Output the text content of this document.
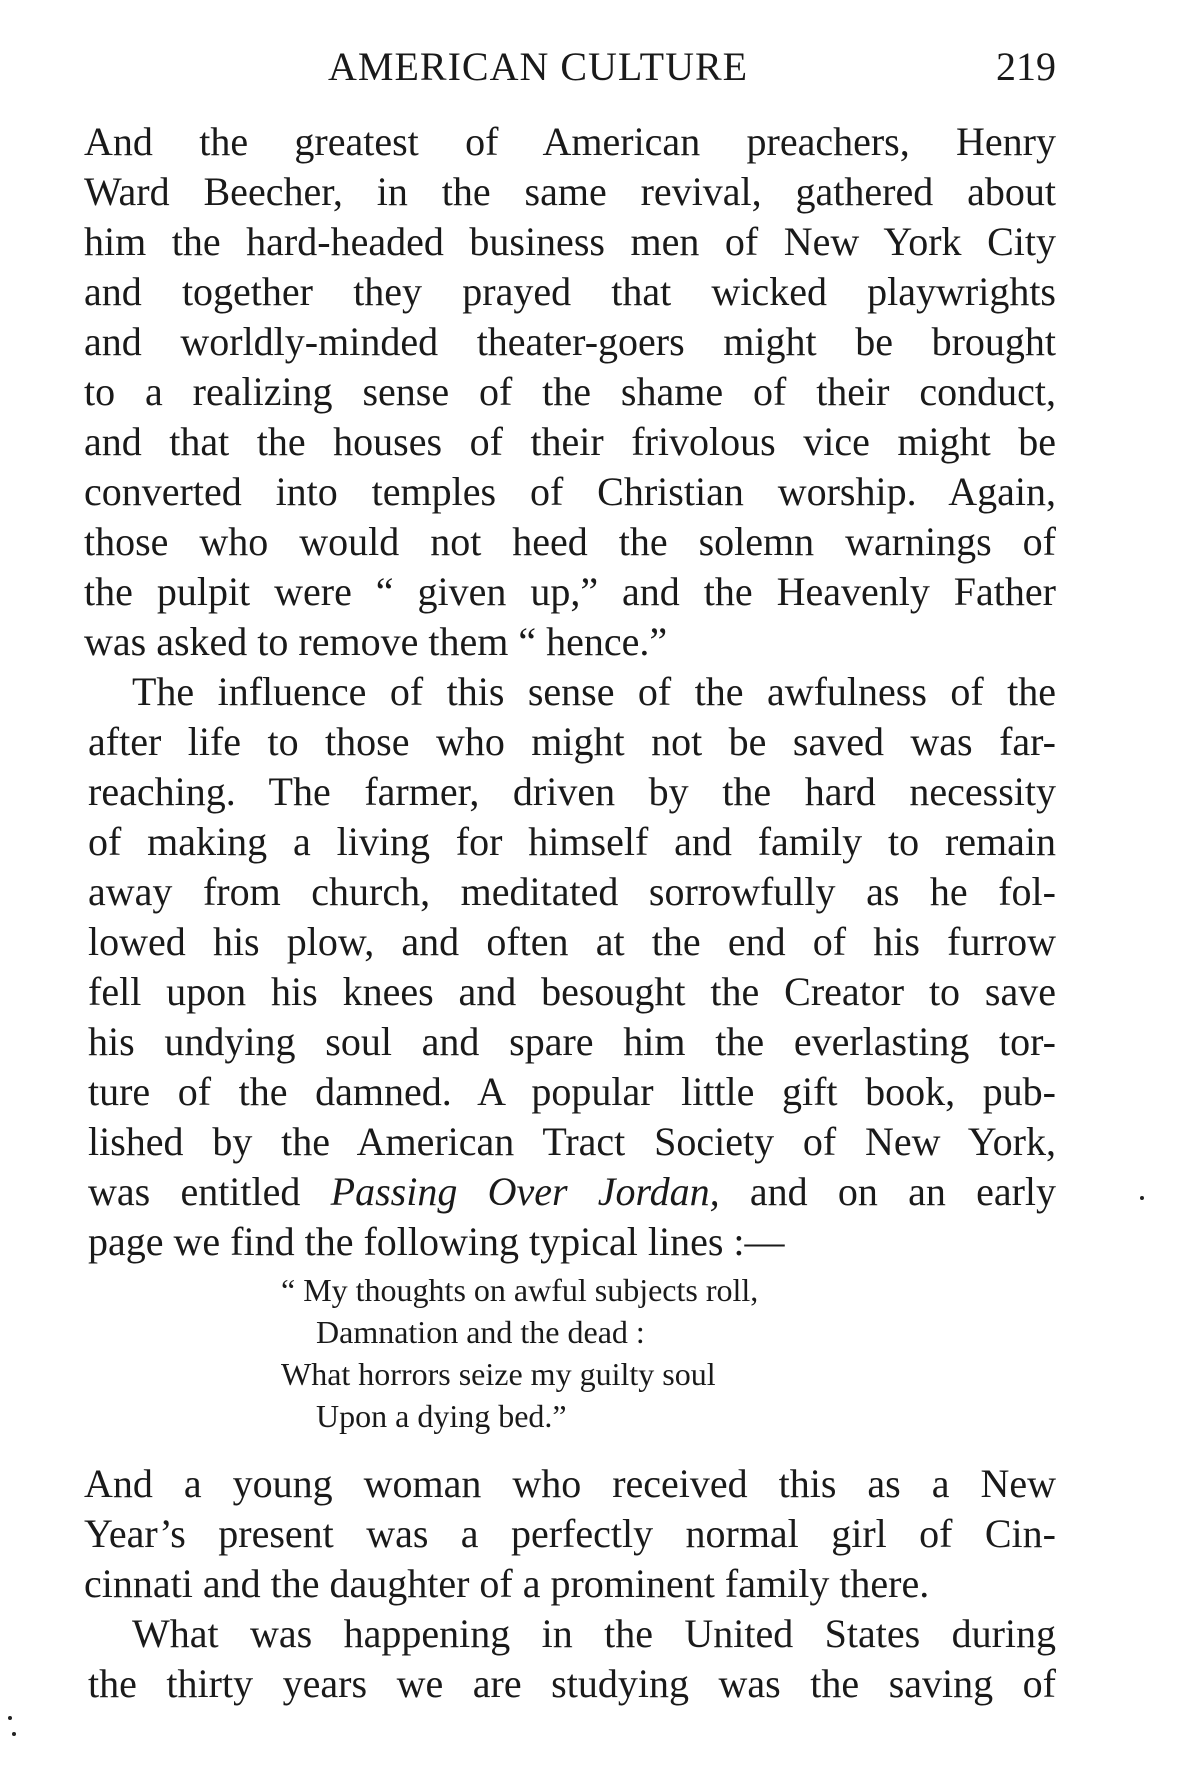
AMERICAN CULTURE	219
And the greatest of American preachers, Henry
Ward Beecher, in the same revival, gathered about
him the hard-headed business men of New York City
and together they prayed that wicked playwrights
and worldly-minded theater-goers might be brought
to a realizing sense of the shame of their conduct,
and that the houses of their frivolous vice might be
converted into temples of Christian worship. Again,
those who would not heed the solemn warnings of
the pulpit were “ given up,” and the Heavenly Father
was asked to remove them “ hence.”
The influence of this sense of the awfulness of the
after life to those who might not be saved was far-
reaching. The farmer, driven by the hard necessity
of making a living for himself and family to remain
away from church, meditated sorrowfully as he fol-
lowed his plow, and often at the end of his furrow
fell upon his knees and besought the Creator to save
his undying soul and spare him the everlasting tor-
ture of the damned. A popular little gift book, pub-
lished by the American Tract Society of New York,
was entitled Passing Over Jordan, and on an early
page we find the following typical lines :—
“ My thoughts on awful subjects roll,
Damnation and the dead :
What horrors seize my guilty soul
Upon a dying bed.”
And a young woman who received this as a New
Year’s present was a perfectly normal girl of Cin-
cinnati and the daughter of a prominent family there.
What was happening in the United States during
the thirty years we are studying was the saving of
